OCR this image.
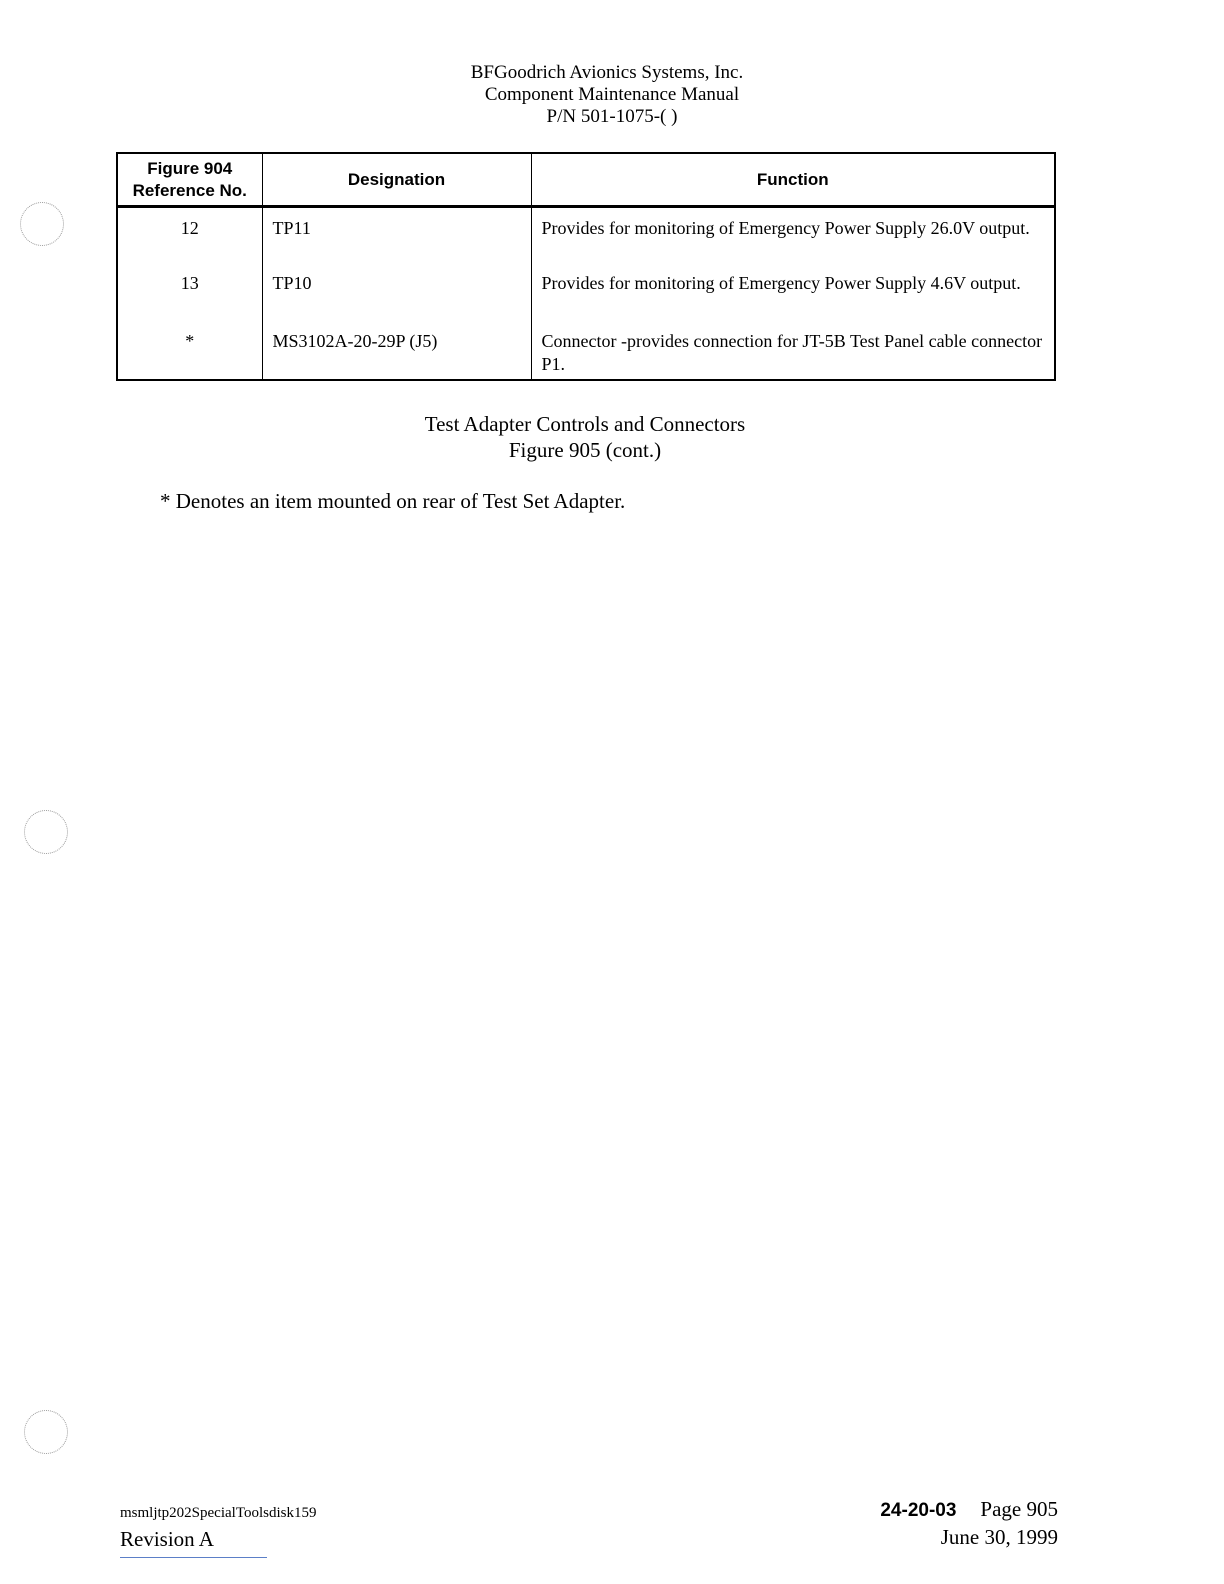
BFGoodrich Avionics Systems, Inc.
Component Maintenance Manual
P/N 501-1075-( )
Figure 904
Reference No.	Designation	Function
12	TP11	Provides for monitoring of Emergency Power Supply 26.0V output.
13	TP10	Provides for monitoring of Emergency Power Supply 4.6V output.
*	MS3102A-20-29P (J5)	Connector -provides connection for JT-5B Test Panel cable connector P1.
Test Adapter Controls and Connectors
Figure 905 (cont.)
* Denotes an item mounted on rear of Test Set Adapter.
msmljtp202SpecialToolsdisk159
Revision A
24-20-03 Page 905
June 30, 1999
